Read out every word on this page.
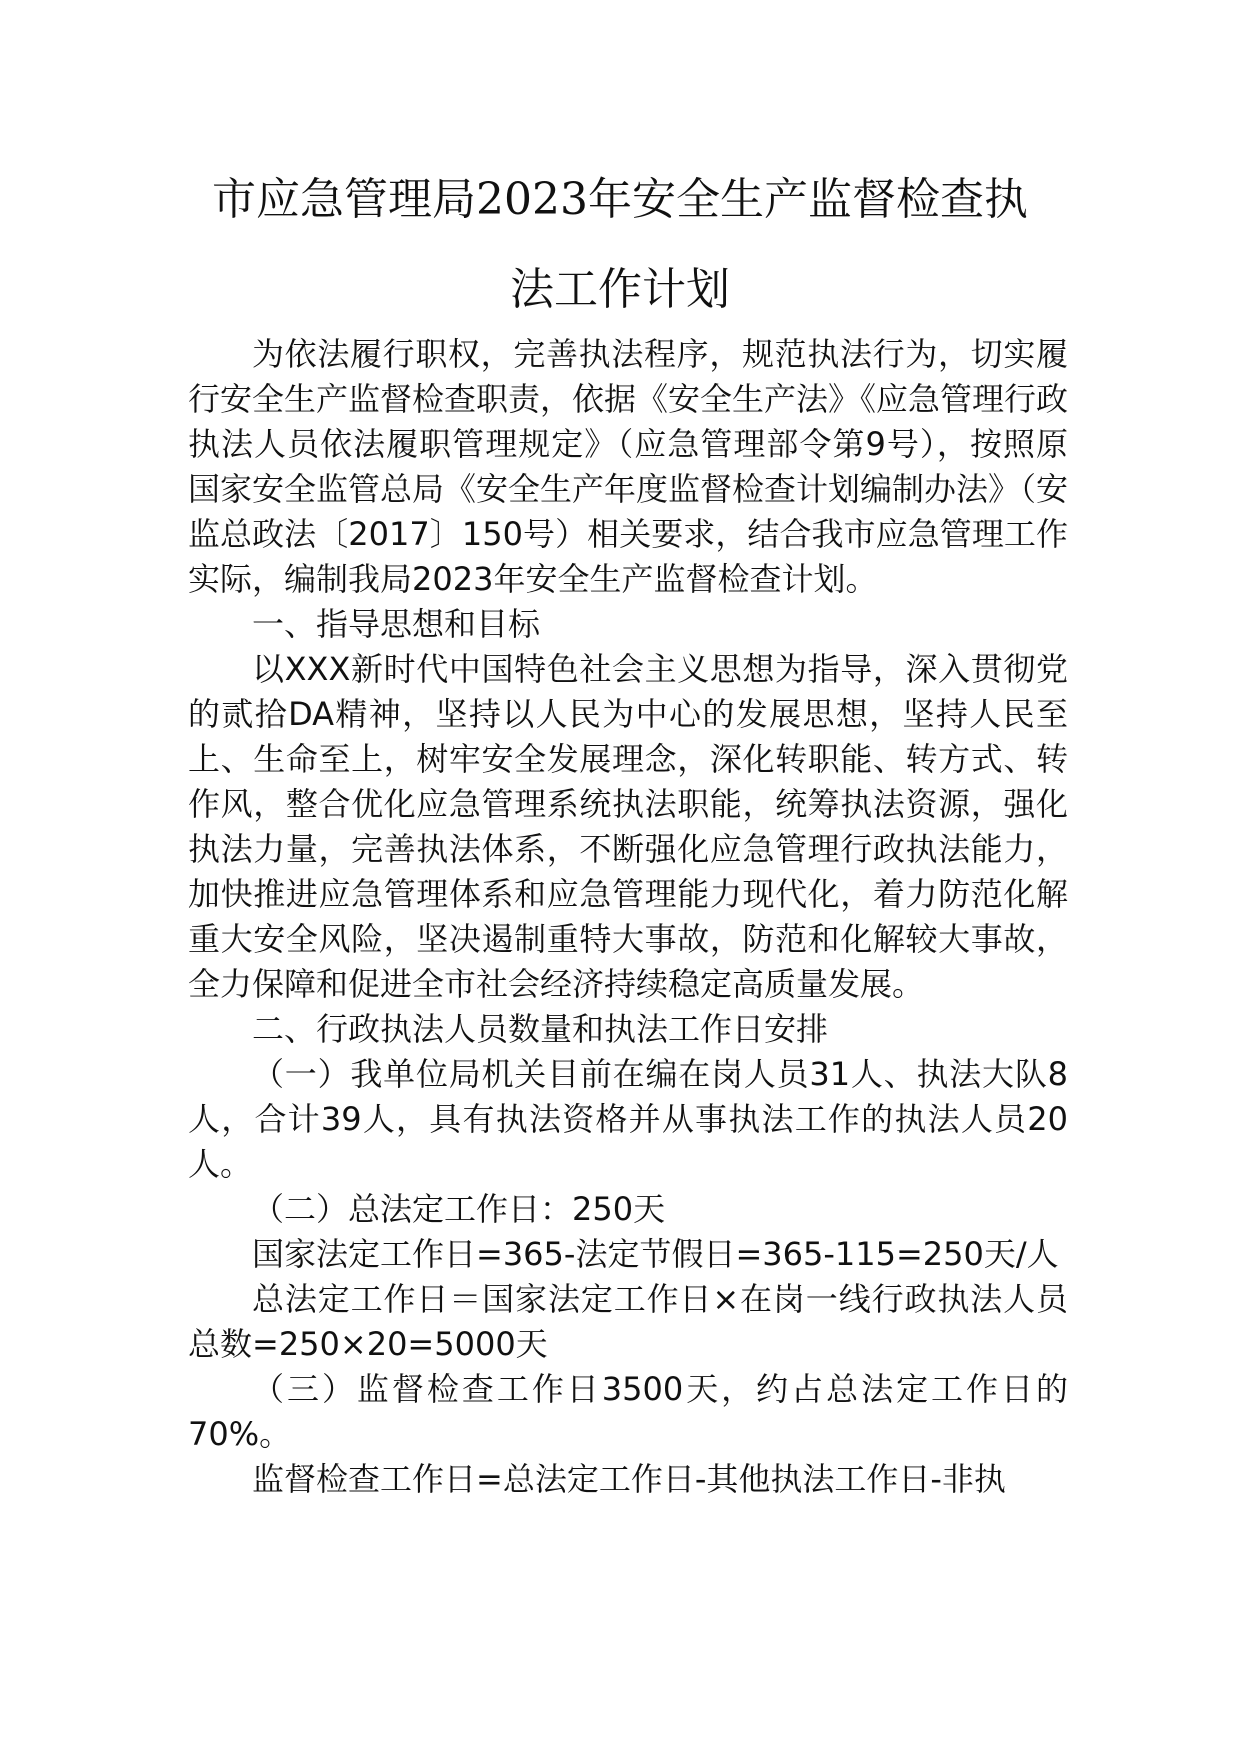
市应急管理局2023年安全生产监督检查执
法工作计划

为依法履行职权，完善执法程序，规范执法行为，切实履行安全生产监督检查职责，依据《安全生产法》《应急管理行政执法人员依法履职管理规定》（应急管理部令第9号），按照原国家安全监管总局《安全生产年度监督检查计划编制办法》（安监总政法〔2017〕150号）相关要求，结合我市应急管理工作实际，编制我局2023年安全生产监督检查计划。

一、指导思想和目标

以XXX新时代中国特色社会主义思想为指导，深入贯彻党的贰拾DA精神，坚持以人民为中心的发展思想，坚持人民至上、生命至上，树牢安全发展理念，深化转职能、转方式、转作风，整合优化应急管理系统执法职能，统筹执法资源，强化执法力量，完善执法体系，不断强化应急管理行政执法能力，加快推进应急管理体系和应急管理能力现代化，着力防范化解重大安全风险，坚决遏制重特大事故，防范和化解较大事故，全力保障和促进全市社会经济持续稳定高质量发展。

二、行政执法人员数量和执法工作日安排

（一）我单位局机关目前在编在岗人员31人、执法大队8人，合计39人，具有执法资格并从事执法工作的执法人员20人。

（二）总法定工作日：250天

国家法定工作日=365-法定节假日=365-115=250天/人

总法定工作日＝国家法定工作日×在岗一线行政执法人员总数=250×20=5000天

（三）监督检查工作日3500天，约占总法定工作日的70%。

监督检查工作日=总法定工作日-其他执法工作日-非执
